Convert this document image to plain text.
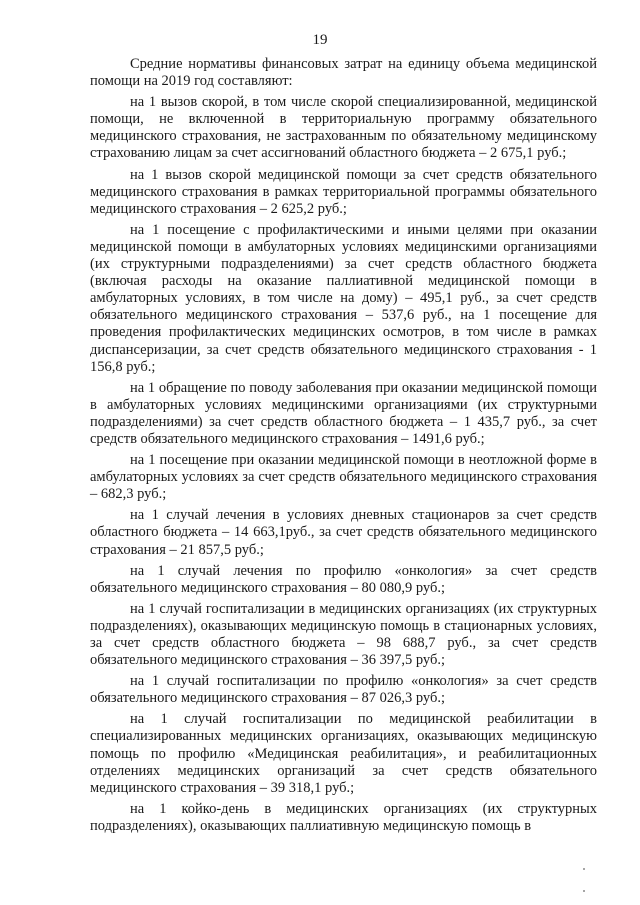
19

Средние нормативы финансовых затрат на единицу объема медицинской помощи на 2019 год составляют:

на 1 вызов скорой, в том числе скорой специализированной, медицинской помощи, не включенной в территориальную программу обязательного медицинского страхования, не застрахованным по обязательному медицинскому страхованию лицам за счет ассигнований областного бюджета – 2 675,1 руб.;

на 1 вызов скорой медицинской помощи за счет средств обязательного медицинского страхования в рамках территориальной программы обязательного медицинского страхования – 2 625,2 руб.;

на 1 посещение с профилактическими и иными целями при оказании медицинской помощи в амбулаторных условиях медицинскими организациями (их структурными подразделениями) за счет средств областного бюджета (включая расходы на оказание паллиативной медицинской помощи в амбулаторных условиях, в том числе на дому) – 495,1 руб., за счет средств обязательного медицинского страхования – 537,6 руб., на 1 посещение для проведения профилактических медицинских осмотров, в том числе в рамках диспансеризации, за счет средств обязательного медицинского страхования - 1 156,8 руб.;

на 1 обращение по поводу заболевания при оказании медицинской помощи в амбулаторных условиях медицинскими организациями (их структурными подразделениями) за счет средств областного бюджета – 1 435,7 руб., за счет средств обязательного медицинского страхования – 1491,6 руб.;

на 1 посещение при оказании медицинской помощи в неотложной форме в амбулаторных условиях за счет средств обязательного медицинского страхования – 682,3 руб.;

на 1 случай лечения в условиях дневных стационаров за счет средств областного бюджета – 14 663,1руб., за счет средств обязательного медицинского страхования – 21 857,5 руб.;

на 1 случай лечения по профилю «онкология» за счет средств обязательного медицинского страхования – 80 080,9 руб.;

на 1 случай госпитализации в медицинских организациях (их структурных подразделениях), оказывающих медицинскую помощь в стационарных условиях, за счет средств областного бюджета – 98 688,7 руб., за счет средств обязательного медицинского страхования – 36 397,5 руб.;

на 1 случай госпитализации по профилю «онкология» за счет средств обязательного медицинского страхования – 87 026,3 руб.;

на 1 случай госпитализации по медицинской реабилитации в специализированных медицинских организациях, оказывающих медицинскую помощь по профилю «Медицинская реабилитация», и реабилитационных отделениях медицинских организаций за счет средств обязательного медицинского страхования – 39 318,1 руб.;

на 1 койко-день в медицинских организациях (их структурных подразделениях), оказывающих паллиативную медицинскую помощь в
